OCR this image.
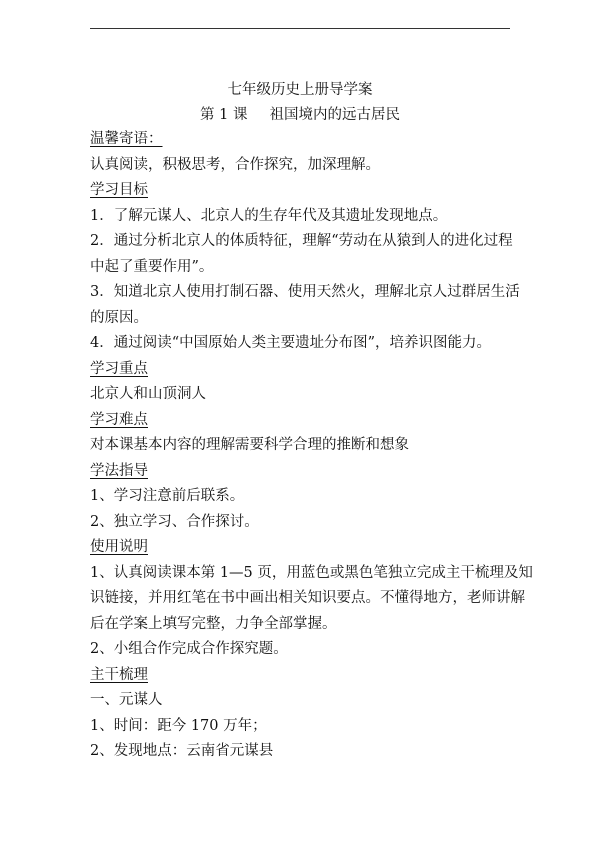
七年级历史上册导学案
第 1 课 祖国境内的远古居民
温馨寄语：
认真阅读，积极思考，合作探究，加深理解。
学习目标
1．了解元谋人、北京人的生存年代及其遗址发现地点。
2．通过分析北京人的体质特征，理解“劳动在从猿到人的进化过程
中起了重要作用”。
3．知道北京人使用打制石器、使用天然火，理解北京人过群居生活
的原因。
4．通过阅读“中国原始人类主要遗址分布图”，培养识图能力。
学习重点
北京人和山顶洞人
学习难点
对本课基本内容的理解需要科学合理的推断和想象
学法指导
1、学习注意前后联系。
2、独立学习、合作探讨。
使用说明
1、认真阅读课本第 1—5 页，用蓝色或黑色笔独立完成主干梳理及知
识链接，并用红笔在书中画出相关知识要点。不懂得地方，老师讲解
后在学案上填写完整，力争全部掌握。
2、小组合作完成合作探究题。
主干梳理
一、元谋人
1、时间：距今 170 万年；
2、发现地点：云南省元谋县
